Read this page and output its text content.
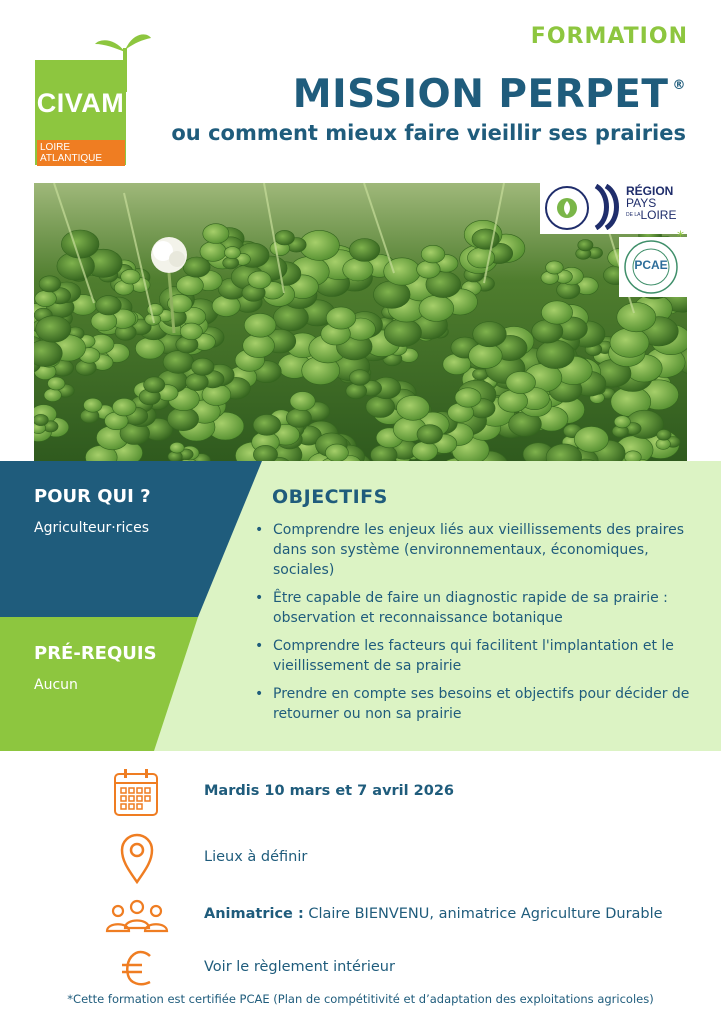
CIVAM
LOIRE
ATLANTIQUE
FORMATION
MISSION PERPET ®
ou comment mieux faire vieillir ses prairies
RÉGION
PAYS
DE LALOIRE
PCAE
*
POUR QUI ?
Agriculteur·rices
PRÉ-REQUIS
Aucun
OBJECTIFS
• Comprendre les enjeux liés aux vieillissements des praires dans son système (environnementaux, économiques, sociales)
• Être capable de faire un diagnostic rapide de sa prairie : observation et reconnaissance botanique
• Comprendre les facteurs qui facilitent l'implantation et le vieillissement de sa prairie
• Prendre en compte ses besoins et objectifs pour décider de retourner ou non sa prairie
Mardis 10 mars et 7 avril 2026
Lieux à définir
Animatrice : Claire BIENVENU, animatrice Agriculture Durable
Voir le règlement intérieur
*Cette formation est certifiée PCAE (Plan de compétitivité et d’adaptation des exploitations agricoles)
